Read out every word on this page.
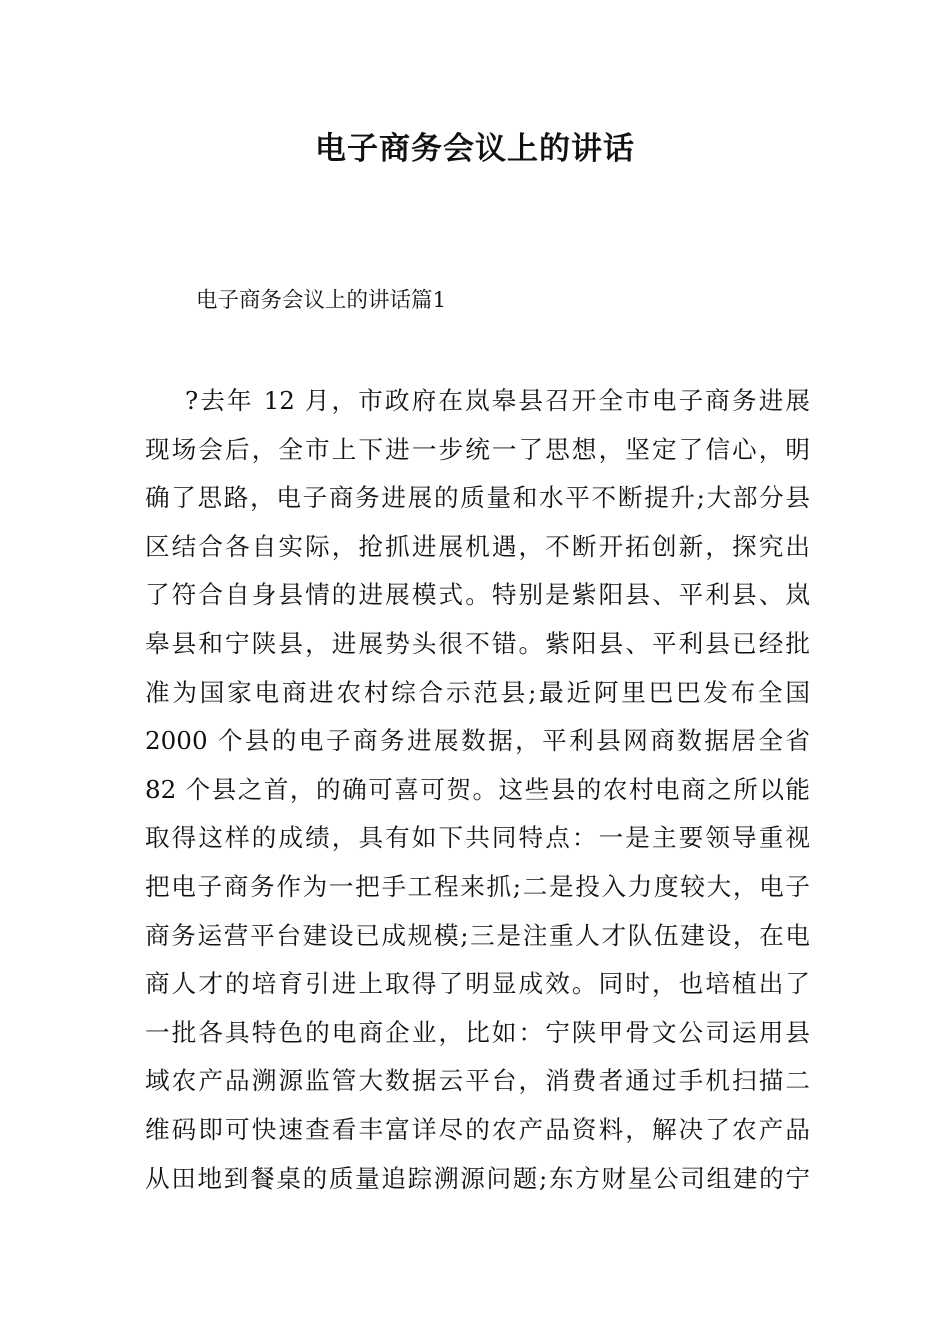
电子商务会议上的讲话

电子商务会议上的讲话篇1

?去年 12 月，市政府在岚皋县召开全市电子商务进展
现场会后，全市上下进一步统一了思想，坚定了信心，明
确了思路，电子商务进展的质量和水平不断提升;大部分县
区结合各自实际，抢抓进展机遇，不断开拓创新，探究出
了符合自身县情的进展模式。特别是紫阳县、平利县、岚
皋县和宁陕县，进展势头很不错。紫阳县、平利县已经批
准为国家电商进农村综合示范县;最近阿里巴巴发布全国
2000 个县的电子商务进展数据，平利县网商数据居全省
82 个县之首，的确可喜可贺。这些县的农村电商之所以能
取得这样的成绩，具有如下共同特点：一是主要领导重视
把电子商务作为一把手工程来抓;二是投入力度较大，电子
商务运营平台建设已成规模;三是注重人才队伍建设，在电
商人才的培育引进上取得了明显成效。同时，也培植出了
一批各具特色的电商企业，比如：宁陕甲骨文公司运用县
域农产品溯源监管大数据云平台，消费者通过手机扫描二
维码即可快速查看丰富详尽的农产品资料，解决了农产品
从田地到餐桌的质量追踪溯源问题;东方财星公司组建的宁
